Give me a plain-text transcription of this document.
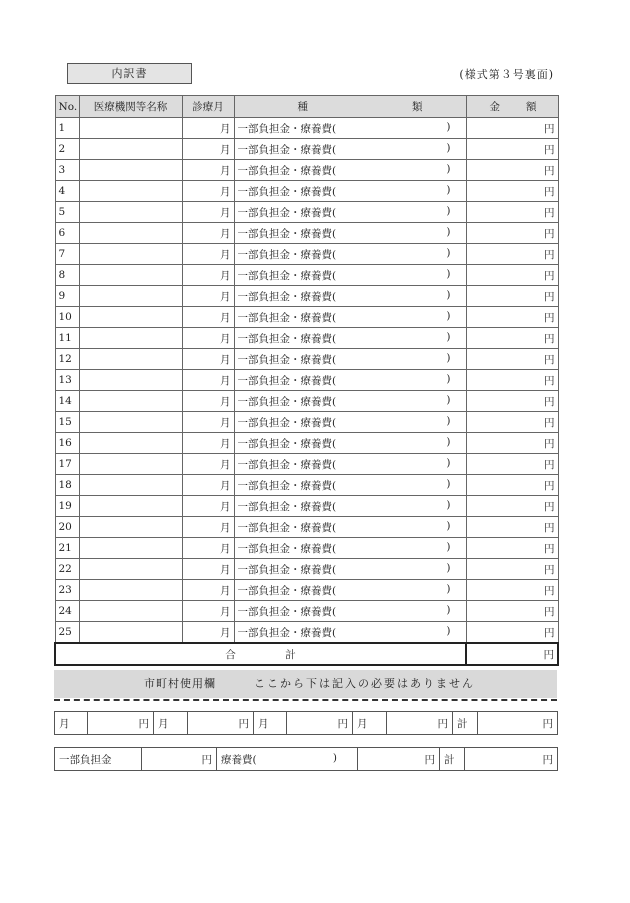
内訳書	(様式第３号裏面)
No.	医療機関等名称	診療月	種 類	金 額

1		月	一部負担金・療養費( )	円
2		月	一部負担金・療養費( )	円
3		月	一部負担金・療養費( )	円
4		月	一部負担金・療養費( )	円
5		月	一部負担金・療養費( )	円
6		月	一部負担金・療養費( )	円
7		月	一部負担金・療養費( )	円
8		月	一部負担金・療養費( )	円
9		月	一部負担金・療養費( )	円
10		月	一部負担金・療養費( )	円
11		月	一部負担金・療養費( )	円
12		月	一部負担金・療養費( )	円
13		月	一部負担金・療養費( )	円
14		月	一部負担金・療養費( )	円
15		月	一部負担金・療養費( )	円
16		月	一部負担金・療養費( )	円
17		月	一部負担金・療養費( )	円
18		月	一部負担金・療養費( )	円
19		月	一部負担金・療養費( )	円
20		月	一部負担金・療養費( )	円
21		月	一部負担金・療養費( )	円
22		月	一部負担金・療養費( )	円
23		月	一部負担金・療養費( )	円
24		月	一部負担金・療養費( )	円
25		月	一部負担金・療養費( )	円
合 計				円
市町村使用欄	ここから下は記入の必要はありません
月	円	月	円	月	円	月	円	計	円
一部負担金	円	療養費(	)	円	計	円
